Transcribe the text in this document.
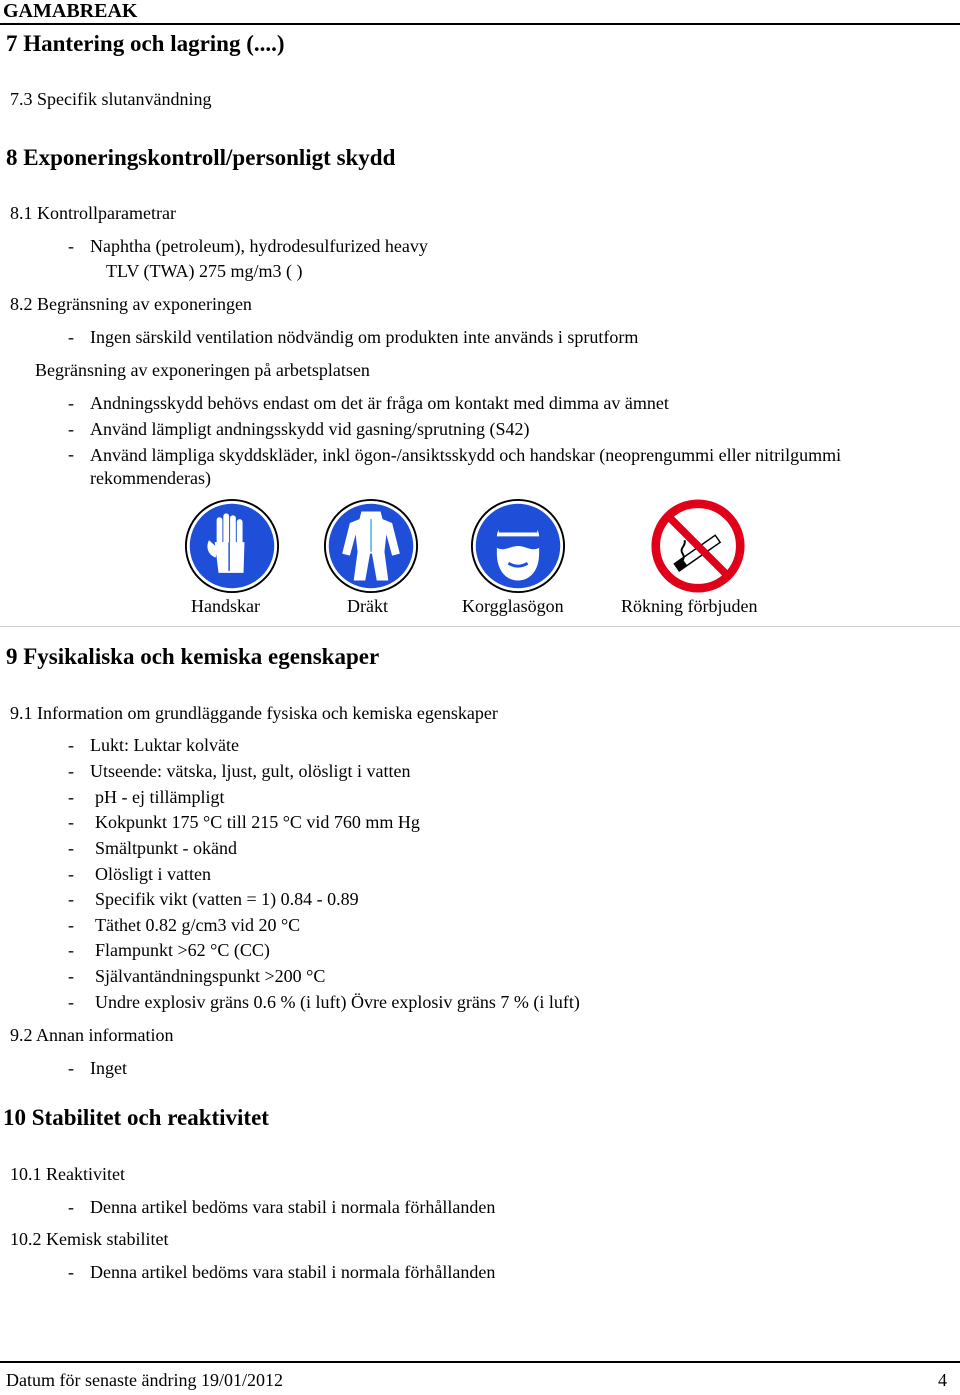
GAMABREAK
7 Hantering och lagring (....)
7.3 Specifik slutanvändning
8 Exponeringskontroll/personligt skydd
8.1 Kontrollparametrar
- Naphtha (petroleum), hydrodesulfurized heavy
TLV (TWA) 275 mg/m3 ( )
8.2 Begränsning av exponeringen
- Ingen särskild ventilation nödvändig om produkten inte används i sprutform
Begränsning av exponeringen på arbetsplatsen
- Andningsskydd behövs endast om det är fråga om kontakt med dimma av ämnet
- Använd lämpligt andningsskydd vid gasning/sprutning (S42)
- Använd lämpliga skyddskläder, inkl ögon-/ansiktsskydd och handskar (neoprengummi eller nitrilgummi rekommenderas)
Handskar	Dräkt	Korgglasögon	Rökning förbjuden
9 Fysikaliska och kemiska egenskaper
9.1 Information om grundläggande fysiska och kemiska egenskaper
- Lukt: Luktar kolväte
- Utseende: vätska, ljust, gult, olösligt i vatten
- pH - ej tillämpligt
- Kokpunkt 175 °C till 215 °C vid 760 mm Hg
- Smältpunkt - okänd
- Olösligt i vatten
- Specifik vikt (vatten = 1) 0.84 - 0.89
- Täthet 0.82 g/cm3 vid 20 °C
- Flampunkt >62 °C (CC)
- Självantändningspunkt >200 °C
- Undre explosiv gräns 0.6 % (i luft) Övre explosiv gräns 7 % (i luft)
9.2 Annan information
- Inget
10 Stabilitet och reaktivitet
10.1 Reaktivitet
- Denna artikel bedöms vara stabil i normala förhållanden
10.2 Kemisk stabilitet
- Denna artikel bedöms vara stabil i normala förhållanden
Datum för senaste ändring 19/01/2012	4
